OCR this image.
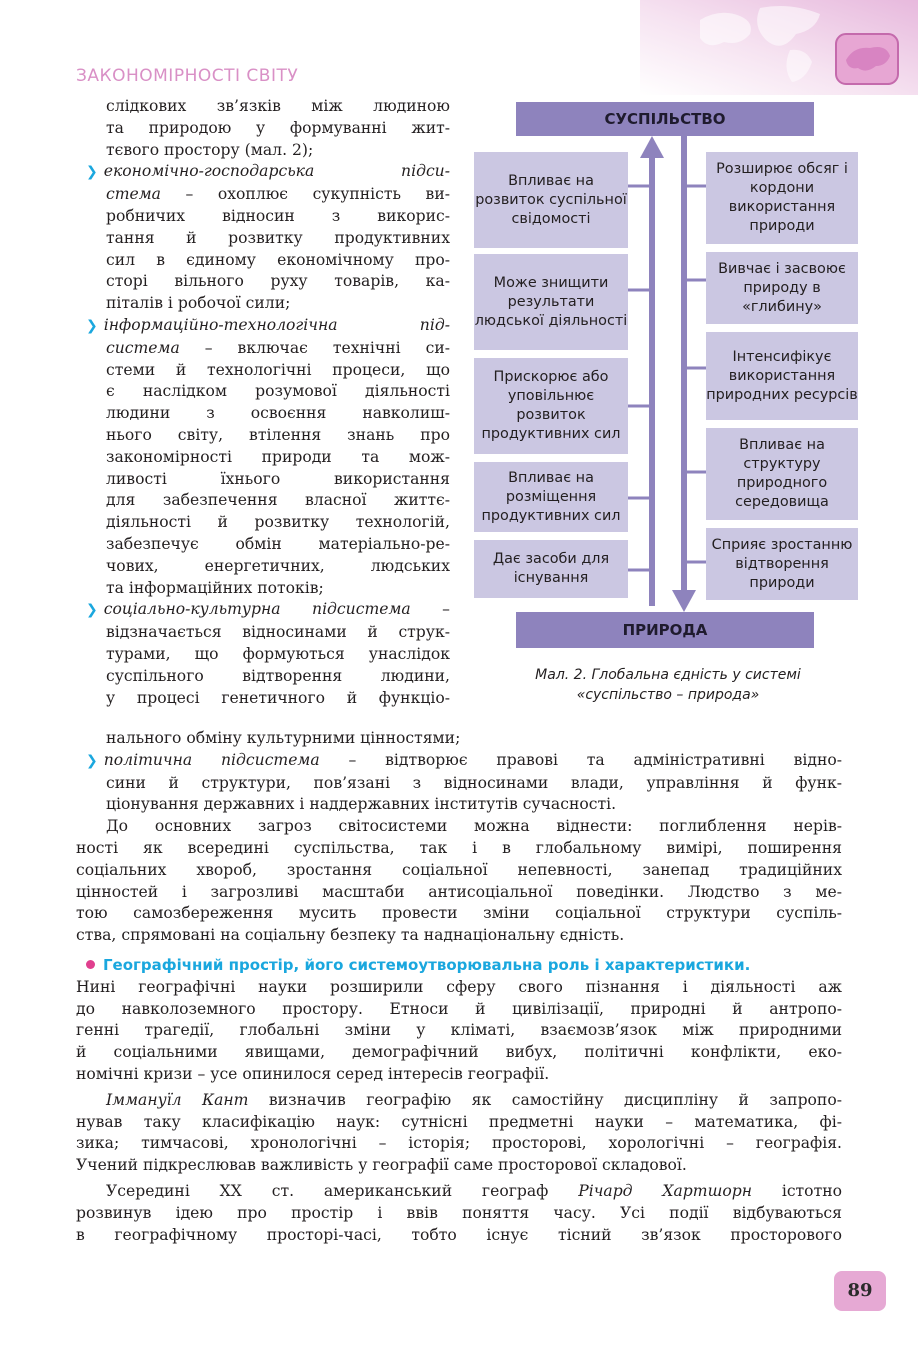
ЗАКОНОМІРНОСТІ СВІТУ

слідкових зв’язків між людиною

та природою у формуванні жит-

тєвого простору (мал. 2);

❯ економічно-господарська підси-

стема – охоплює сукупність ви-

робничих відносин з викорис-

тання й розвитку продуктивних

сил в єдиному економічному про-

сторі вільного руху товарів, ка-

піталів і робочої сили;

❯ інформаційно-технологічна під-

система – включає технічні си-

стеми й технологічні процеси, що

є наслідком розумової діяльності

людини з освоєння навколиш-

нього світу, втілення знань про

закономірності природи та мож-

ливості їхнього використання

для забезпечення власної життє-

діяльності й розвитку технологій,

забезпечує обмін матеріально-ре-

чових, енергетичних, людських

та інформаційних потоків;

❯ соціально-культурна підсистема –

відзначається відносинами й струк-

турами, що формуються унаслідок

суспільного відтворення людини,

у процесі генетичного й функціо-

СУСПІЛЬСТВО
ПРИРОДА
Впливає на розвиток суспільної свідомості
Може знищити результати людської діяльності
Прискорює або уповільнює розвиток продуктивних сил
Впливає на розміщення продуктивних сил
Дає засоби для існування
Розширює обсяг і кордони використання природи
Вивчає і засвоює природу в «глибину»
Інтенсифікує використання природних ресурсів
Впливає на структуру природного середовища
Сприяє зростанню відтворення природи
Мал. 2. Глобальна єдність у системі
«суспільство – природа»

нального обміну культурними цінностями;

❯ політична підсистема – відтворює правові та адміністративні відно-

сини й структури, пов’язані з відносинами влади, управління й функ-

ціонування державних і наддержавних інститутів сучасності.

До основних загроз світосистеми можна віднести: поглиблення нерів-

ності як всередині суспільства, так і в глобальному вимірі, поширення

соціальних хвороб, зростання соціальної непевності, занепад традиційних

цінностей і загрозливі масштаби антисоціальної поведінки. Людство з ме-

тою самозбереження мусить провести зміни соціальної структури суспіль-

ства, спрямовані на соціальну безпеку та наднаціональну єдність.

Географічний простір, його системоутворювальна роль і характеристики.

Нині географічні науки розширили сферу свого пізнання і діяльності аж

до навколоземного простору. Етноси й цивілізації, природні й антропо-

генні трагедії, глобальні зміни у кліматі, взаємозв’язок між природними

й соціальними явищами, демографічний вибух, політичні конфлікти, еко-

номічні кризи – усе опинилося серед інтересів географії.

Іммануїл Кант визначив географію як самостійну дисципліну й запропо-

нував таку класифікацію наук: сутнісні предметні науки – математика, фі-

зика; тимчасові, хронологічні – історія; просторові, хорологічні – географія.

Учений підкреслював важливість у географії саме просторової складової.

Усередині ХХ ст. американський географ Річард Хартшорн істотно

розвинув ідею про простір і ввів поняття часу. Усі події відбуваються

в географічному просторі-часі, тобто існує тісний зв’язок просторового

89
